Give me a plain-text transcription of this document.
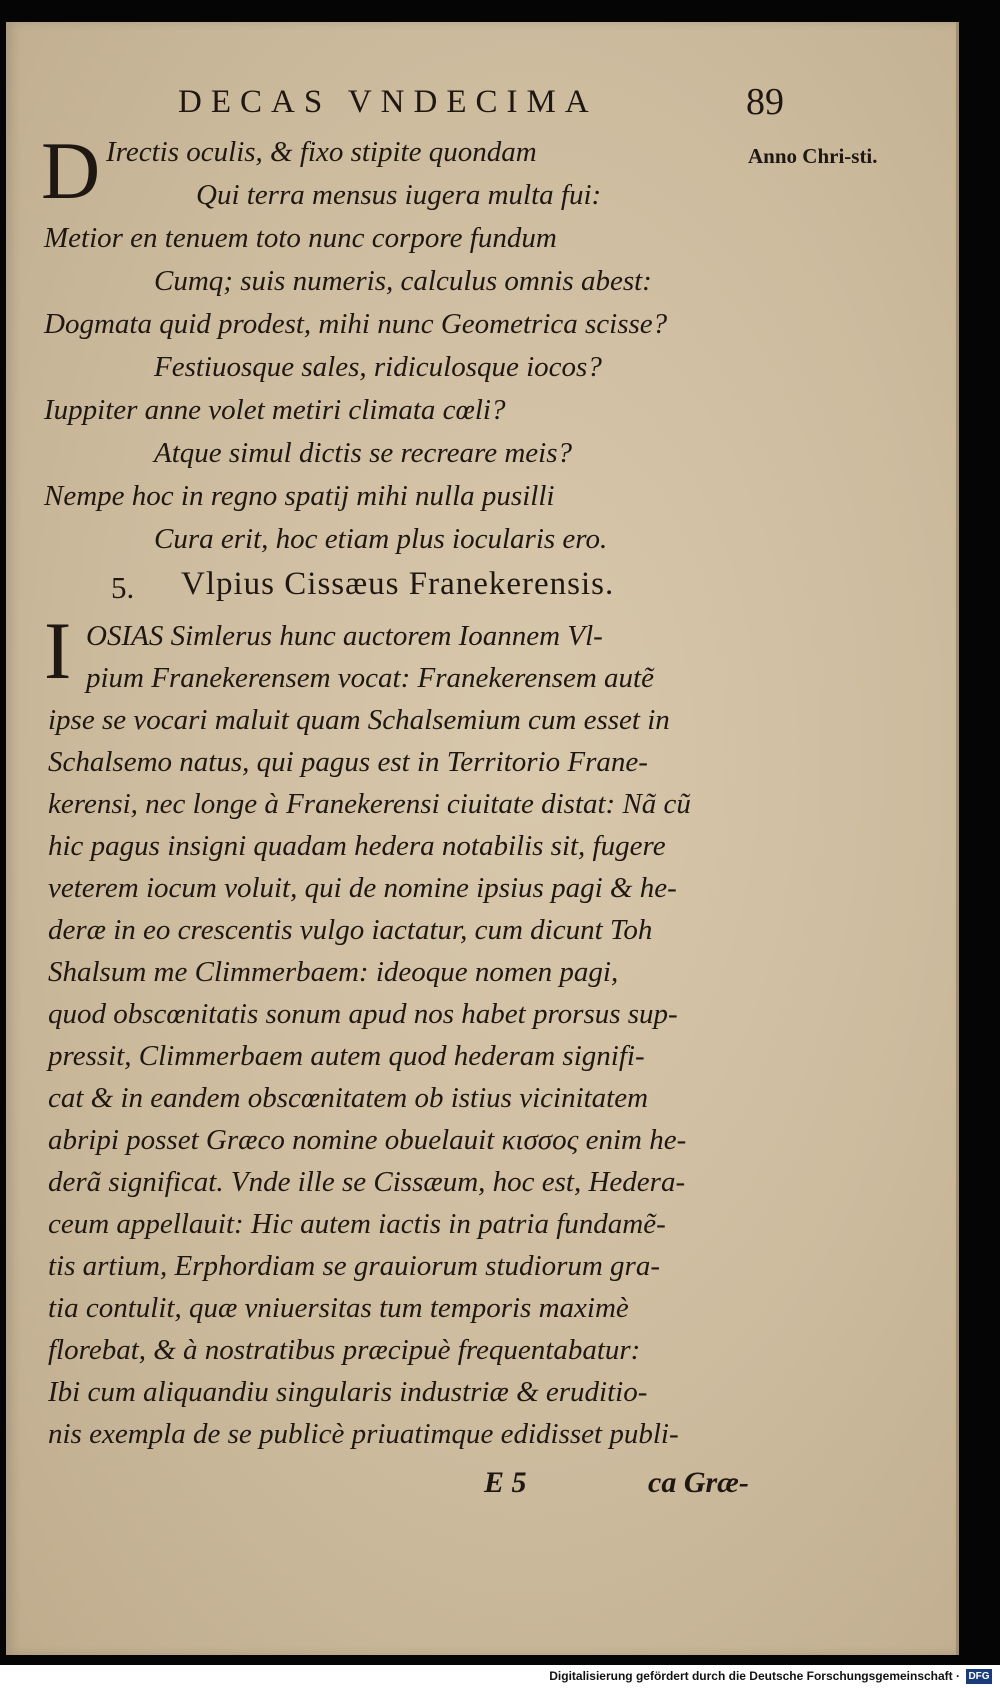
DECAS VNDECIMA	89
Anno Chri-sti.
D Irectis oculis, & fixo stipite quondam
Qui terra mensus iugera multa fui:
Metior en tenuem toto nunc corpore fundum
Cumq; suis numeris, calculus omnis abest:
Dogmata quid prodest, mihi nunc Geometrica scisse?
Festiuosque sales, ridiculosque iocos?
Iuppiter anne volet metiri climata cœli?
Atque simul dictis se recreare meis?
Nempe hoc in regno spatij mihi nulla pusilli
Cura erit, hoc etiam plus iocularis ero.
5. Vlpius Cissæus Franekerensis.
I OSIAS Simlerus hunc auctorem Ioannem Vl-
pium Franekerensem vocat: Franekerensem autẽ
ipse se vocari maluit quam Schalsemium cum esset in
Schalsemo natus, qui pagus est in Territorio Frane-
kerensi, nec longe à Franekerensi ciuitate distat: Nã cũ
hic pagus insigni quadam hedera notabilis sit, fugere
veterem iocum voluit, qui de nomine ipsius pagi & he-
deræ in eo crescentis vulgo iactatur, cum dicunt Toh
Shalsum me Climmerbaem: ideoque nomen pagi,
quod obscœnitatis sonum apud nos habet prorsus sup-
pressit, Climmerbaem autem quod hederam signifi-
cat & in eandem obscœnitatem ob istius vicinitatem
abripi posset Græco nomine obuelauit κισσος enim he-
derã significat. Vnde ille se Cissæum, hoc est, Hedera-
ceum appellauit: Hic autem iactis in patria fundamẽ-
tis artium, Erphordiam se grauiorum studiorum gra-
tia contulit, quæ vniuersitas tum temporis maximè
florebat, & à nostratibus præcipuè frequentabatur:
Ibi cum aliquandiu singularis industriæ & eruditio-
nis exempla de se publicè priuatimque edidisset publi-
E 5	ca Græ-
Digitalisierung gefördert durch die Deutsche Forschungsgemeinschaft · DFG
